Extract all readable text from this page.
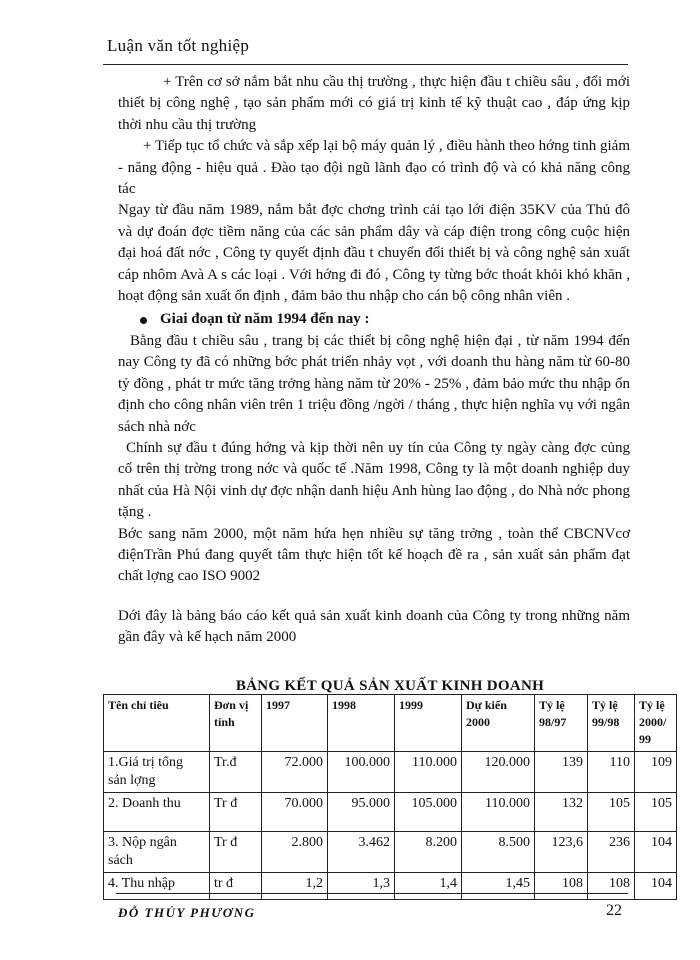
Luận văn tốt nghiệp

+ Trên cơ sở nắm bắt nhu cầu thị trường , thực hiện đầu t chiều sâu , đổi mới thiết bị công nghệ , tạo sản phẩm mới có giá trị kinh tế kỹ thuật cao , đáp ứng kịp thời nhu cầu thị trường

+ Tiếp tục tổ chức và sắp xếp lại bộ máy quản lý , điều hành theo hớng tinh giảm - năng động - hiệu quả . Đào tạo đội ngũ lãnh đạo có trình độ và có khả năng công tác

Ngay từ đầu năm 1989, nắm bắt đợc chơng trình cải tạo lới điện 35KV của Thủ đô và dự đoán đợc tiềm năng của các sản phẩm dây và cáp điện trong công cuộc hiện đại hoá đất nớc , Công ty quyết định đầu t chuyển đổi thiết bị và công nghệ sản xuất cáp nhôm Avà A s các loại . Với hớng đi đó , Công ty từng bớc thoát khỏi khó khăn , hoạt động sản xuất ổn định , đảm bảo thu nhập cho cán bộ công nhân viên .

Giai đoạn từ năm 1994 đến nay :

Bằng đầu t chiều sâu , trang bị các thiết bị công nghệ hiện đại , từ năm 1994 đến nay Công ty đã có những bớc phát triển nhảy vọt , với doanh thu hàng năm từ 60-80 tỷ đồng , phát tr mức tăng trởng hàng năm từ 20% - 25% , đảm bảo mức thu nhập ổn định cho công nhân viên trên 1 triệu đồng /ngời / tháng , thực hiện nghĩa vụ với ngân sách nhà nớc

Chính sự đầu t đúng hớng và kịp thời nên uy tín của Công ty ngày càng đợc củng cố trên thị trờng trong nớc và quốc tế .Năm 1998, Công ty là một doanh nghiệp duy nhất của Hà Nội vinh dự đợc nhận danh hiệu Anh hùng lao động , do Nhà nớc phong tặng .

Bớc sang năm 2000, một năm hứa hẹn nhiều sự tăng trởng , toàn thể CBCNVcơ điệnTrần Phú đang quyết tâm thực hiện tốt kế hoạch đề ra , sản xuất sản phẩm đạt chất lợng cao ISO 9002

Dới đây là bảng báo cáo kết quả sản xuất kinh doanh của Công ty trong những năm gần đây và kế hạch năm 2000

BẢNG KẾT QUẢ SẢN XUẤT KINH DOANH
Tên chỉ tiêu	Đơn vị tính	1997	1998	1999	Dự kiến 2000	Tỷ lệ 98/97	Tỷ lệ 99/98	Tỷ lệ 2000/ 99
1.Giá trị tổng sản lợng	Tr.đ	72.000	100.000	110.000	120.000	139	110	109
2. Doanh thu	Tr đ	70.000	95.000	105.000	110.000	132	105	105
3. Nộp ngân sách	Tr đ	2.800	3.462	8.200	8.500	123,6	236	104
4. Thu nhập	tr đ	1,2	1,3	1,4	1,45	108	108	104
ĐỖ THỦY PHƯƠNG	22
